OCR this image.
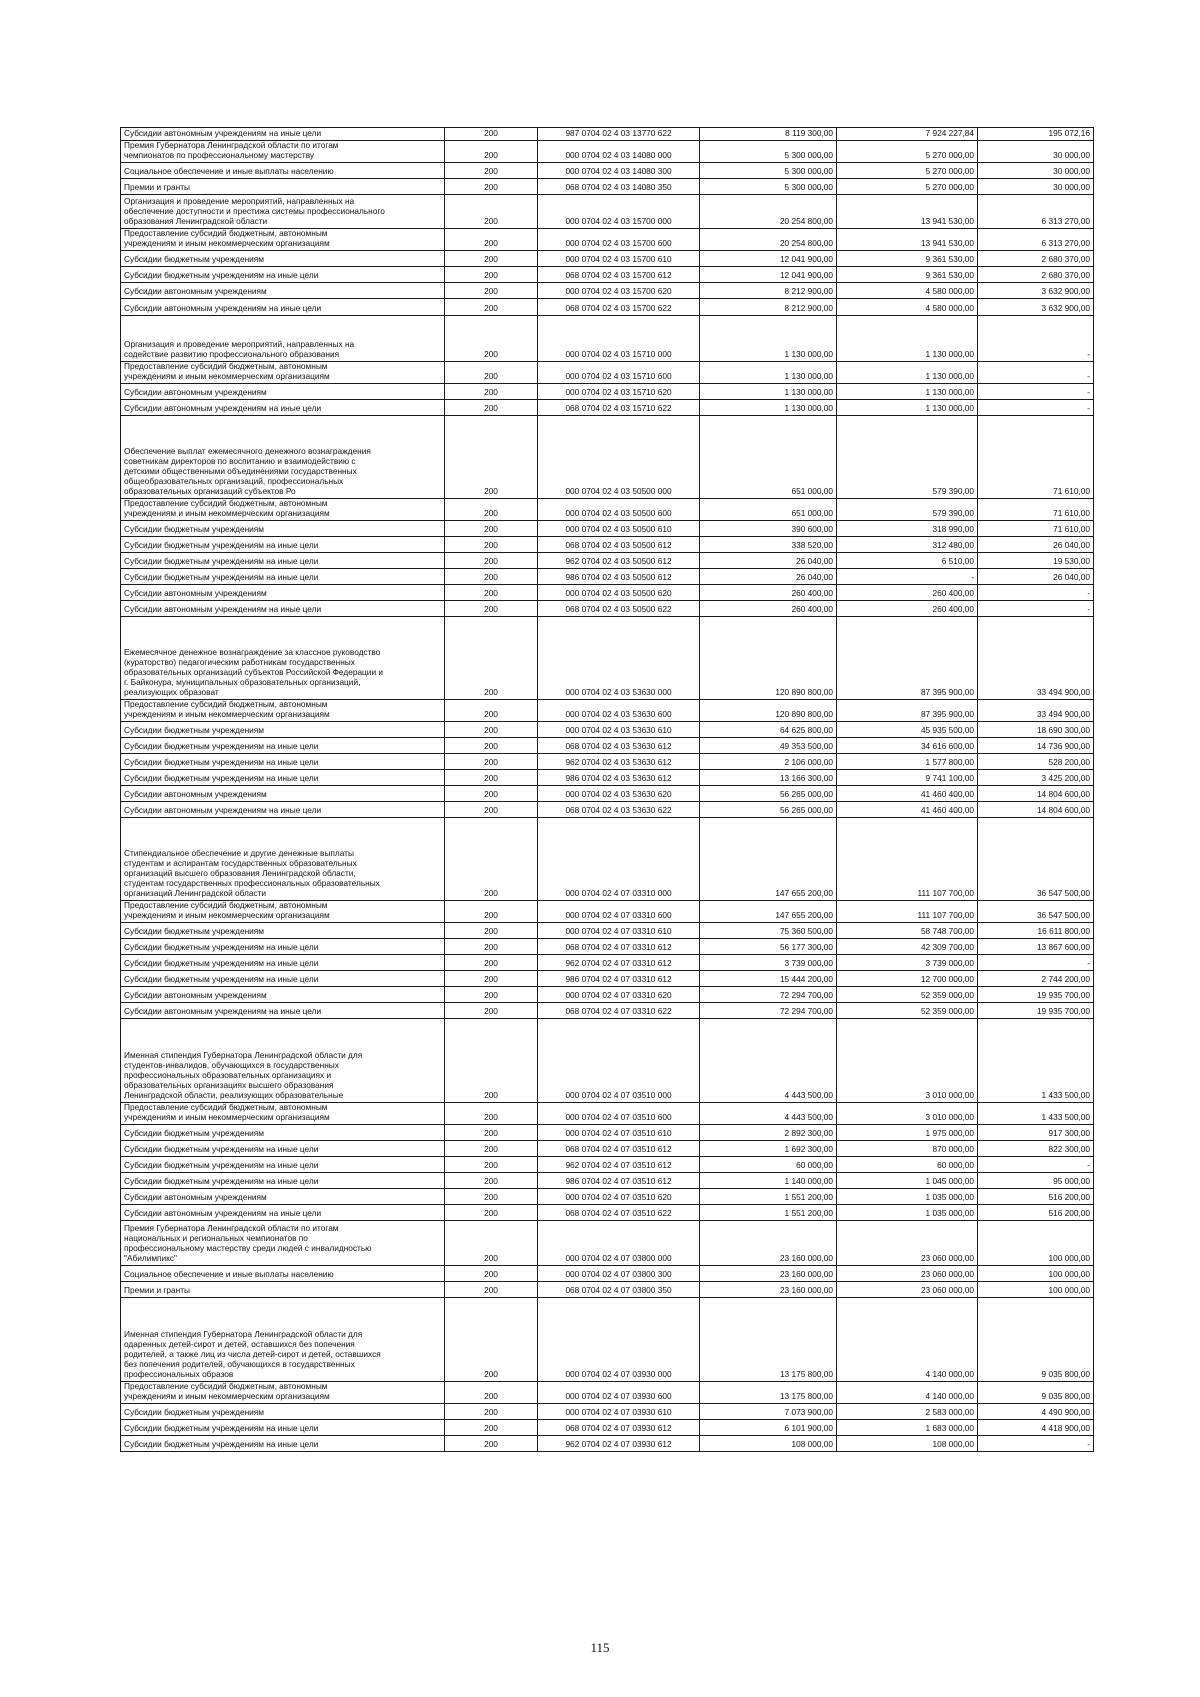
Субсидии автономным учреждениям на иные цели	200	987 0704 02 4 03 13770 622	8 119 300,00	7 924 227,84	195 072,16
Премия Губернатора Ленинградской области по итогам
чемпионатов по профессиональному мастерству	200	000 0704 02 4 03 14080 000	5 300 000,00	5 270 000,00	30 000,00
Социальное обеспечение и иные выплаты населению	200	000 0704 02 4 03 14080 300	5 300 000,00	5 270 000,00	30 000,00
Премии и гранты	200	068 0704 02 4 03 14080 350	5 300 000,00	5 270 000,00	30 000,00
Организация и проведение мероприятий, направленных на
обеспечение доступности и престижа системы профессионального
образования Ленинградской области	200	000 0704 02 4 03 15700 000	20 254 800,00	13 941 530,00	6 313 270,00
Предоставление субсидий бюджетным, автономным
учреждениям и иным некоммерческим организациям	200	000 0704 02 4 03 15700 600	20 254 800,00	13 941 530,00	6 313 270,00
Субсидии бюджетным учреждениям	200	000 0704 02 4 03 15700 610	12 041 900,00	9 361 530,00	2 680 370,00
Субсидии бюджетным учреждениям на иные цели	200	068 0704 02 4 03 15700 612	12 041 900,00	9 361 530,00	2 680 370,00
Субсидии автономным учреждениям	200	000 0704 02 4 03 15700 620	8 212 900,00	4 580 000,00	3 632 900,00
Субсидии автономным учреждениям на иные цели	200	068 0704 02 4 03 15700 622	8 212 900,00	4 580 000,00	3 632 900,00

Организация и проведение мероприятий, направленных на
содействие развитию профессионального образования	200	000 0704 02 4 03 15710 000	1 130 000,00	1 130 000,00	-
Предоставление субсидий бюджетным, автономным
учреждениям и иным некоммерческим организациям	200	000 0704 02 4 03 15710 600	1 130 000,00	1 130 000,00	-
Субсидии автономным учреждениям	200	000 0704 02 4 03 15710 620	1 130 000,00	1 130 000,00	-
Субсидии автономным учреждениям на иные цели	200	068 0704 02 4 03 15710 622	1 130 000,00	1 130 000,00	-

Обеспечение выплат ежемесячного денежного вознаграждения
советникам директоров по воспитанию и взаимодействию с
детскими общественными объединениями государственных
общеобразовательных организаций, профессиональных
образовательных организаций субъектов Ро	200	000 0704 02 4 03 50500 000	651 000,00	579 390,00	71 610,00
Предоставление субсидий бюджетным, автономным
учреждениям и иным некоммерческим организациям	200	000 0704 02 4 03 50500 600	651 000,00	579 390,00	71 610,00
Субсидии бюджетным учреждениям	200	000 0704 02 4 03 50500 610	390 600,00	318 990,00	71 610,00
Субсидии бюджетным учреждениям на иные цели	200	068 0704 02 4 03 50500 612	338 520,00	312 480,00	26 040,00
Субсидии бюджетным учреждениям на иные цели	200	962 0704 02 4 03 50500 612	26 040,00	6 510,00	19 530,00
Субсидии бюджетным учреждениям на иные цели	200	986 0704 02 4 03 50500 612	26 040,00	-	26 040,00
Субсидии автономным учреждениям	200	000 0704 02 4 03 50500 620	260 400,00	260 400,00	-
Субсидии автономным учреждениям на иные цели	200	068 0704 02 4 03 50500 622	260 400,00	260 400,00	-

Ежемесячное денежное вознаграждение за классное руководство
(кураторство) педагогическим работникам государственных
образовательных организаций субъектов Российской Федерации и
г. Байконура, муниципальных образовательных организаций,
реализующих образоват	200	000 0704 02 4 03 53630 000	120 890 800,00	87 395 900,00	33 494 900,00
Предоставление субсидий бюджетным, автономным
учреждениям и иным некоммерческим организациям	200	000 0704 02 4 03 53630 600	120 890 800,00	87 395 900,00	33 494 900,00
Субсидии бюджетным учреждениям	200	000 0704 02 4 03 53630 610	64 625 800,00	45 935 500,00	18 690 300,00
Субсидии бюджетным учреждениям на иные цели	200	068 0704 02 4 03 53630 612	49 353 500,00	34 616 600,00	14 736 900,00
Субсидии бюджетным учреждениям на иные цели	200	962 0704 02 4 03 53630 612	2 106 000,00	1 577 800,00	528 200,00
Субсидии бюджетным учреждениям на иные цели	200	986 0704 02 4 03 53630 612	13 166 300,00	9 741 100,00	3 425 200,00
Субсидии автономным учреждениям	200	000 0704 02 4 03 53630 620	56 265 000,00	41 460 400,00	14 804 600,00
Субсидии автономным учреждениям на иные цели	200	068 0704 02 4 03 53630 622	56 265 000,00	41 460 400,00	14 804 600,00

Стипендиальное обеспечение и другие денежные выплаты
студентам и аспирантам государственных образовательных
организаций высшего образования Ленинградской области,
студентам государственных профессиональных образовательных
организаций Ленинградской области	200	000 0704 02 4 07 03310 000	147 655 200,00	111 107 700,00	36 547 500,00
Предоставление субсидий бюджетным, автономным
учреждениям и иным некоммерческим организациям	200	000 0704 02 4 07 03310 600	147 655 200,00	111 107 700,00	36 547 500,00
Субсидии бюджетным учреждениям	200	000 0704 02 4 07 03310 610	75 360 500,00	58 748 700,00	16 611 800,00
Субсидии бюджетным учреждениям на иные цели	200	068 0704 02 4 07 03310 612	56 177 300,00	42 309 700,00	13 867 600,00
Субсидии бюджетным учреждениям на иные цели	200	962 0704 02 4 07 03310 612	3 739 000,00	3 739 000,00	-
Субсидии бюджетным учреждениям на иные цели	200	986 0704 02 4 07 03310 612	15 444 200,00	12 700 000,00	2 744 200,00
Субсидии автономным учреждениям	200	000 0704 02 4 07 03310 620	72 294 700,00	52 359 000,00	19 935 700,00
Субсидии автономным учреждениям на иные цели	200	068 0704 02 4 07 03310 622	72 294 700,00	52 359 000,00	19 935 700,00

Именная стипендия Губернатора Ленинградской области для
студентов-инвалидов, обучающихся в государственных
профессиональных образовательных организациях и
образовательных организациях высшего образования
Ленинградской области, реализующих образовательные	200	000 0704 02 4 07 03510 000	4 443 500,00	3 010 000,00	1 433 500,00
Предоставление субсидий бюджетным, автономным
учреждениям и иным некоммерческим организациям	200	000 0704 02 4 07 03510 600	4 443 500,00	3 010 000,00	1 433 500,00
Субсидии бюджетным учреждениям	200	000 0704 02 4 07 03510 610	2 892 300,00	1 975 000,00	917 300,00
Субсидии бюджетным учреждениям на иные цели	200	068 0704 02 4 07 03510 612	1 692 300,00	870 000,00	822 300,00
Субсидии бюджетным учреждениям на иные цели	200	962 0704 02 4 07 03510 612	60 000,00	60 000,00	-
Субсидии бюджетным учреждениям на иные цели	200	986 0704 02 4 07 03510 612	1 140 000,00	1 045 000,00	95 000,00
Субсидии автономным учреждениям	200	000 0704 02 4 07 03510 620	1 551 200,00	1 035 000,00	516 200,00
Субсидии автономным учреждениям на иные цели	200	068 0704 02 4 07 03510 622	1 551 200,00	1 035 000,00	516 200,00
Премия Губернатора Ленинградской области по итогам
национальных и региональных чемпионатов по
профессиональному мастерству среди людей с инвалидностью
"Абилимпикс"	200	000 0704 02 4 07 03800 000	23 160 000,00	23 060 000,00	100 000,00
Социальное обеспечение и иные выплаты населению	200	000 0704 02 4 07 03800 300	23 160 000,00	23 060 000,00	100 000,00
Премии и гранты	200	068 0704 02 4 07 03800 350	23 160 000,00	23 060 000,00	100 000,00

Именная стипендия Губернатора Ленинградской области для
одаренных детей-сирот и детей, оставшихся без попечения
родителей, а также лиц из числа детей-сирот и детей, оставшихся
без попечения родителей, обучающихся в государственных
профессиональных образов	200	000 0704 02 4 07 03930 000	13 175 800,00	4 140 000,00	9 035 800,00
Предоставление субсидий бюджетным, автономным
учреждениям и иным некоммерческим организациям	200	000 0704 02 4 07 03930 600	13 175 800,00	4 140 000,00	9 035 800,00
Субсидии бюджетным учреждениям	200	000 0704 02 4 07 03930 610	7 073 900,00	2 583 000,00	4 490 900,00
Субсидии бюджетным учреждениям на иные цели	200	068 0704 02 4 07 03930 612	6 101 900,00	1 683 000,00	4 418 900,00
Субсидии бюджетным учреждениям на иные цели	200	962 0704 02 4 07 03930 612	108 000,00	108 000,00	-
115
